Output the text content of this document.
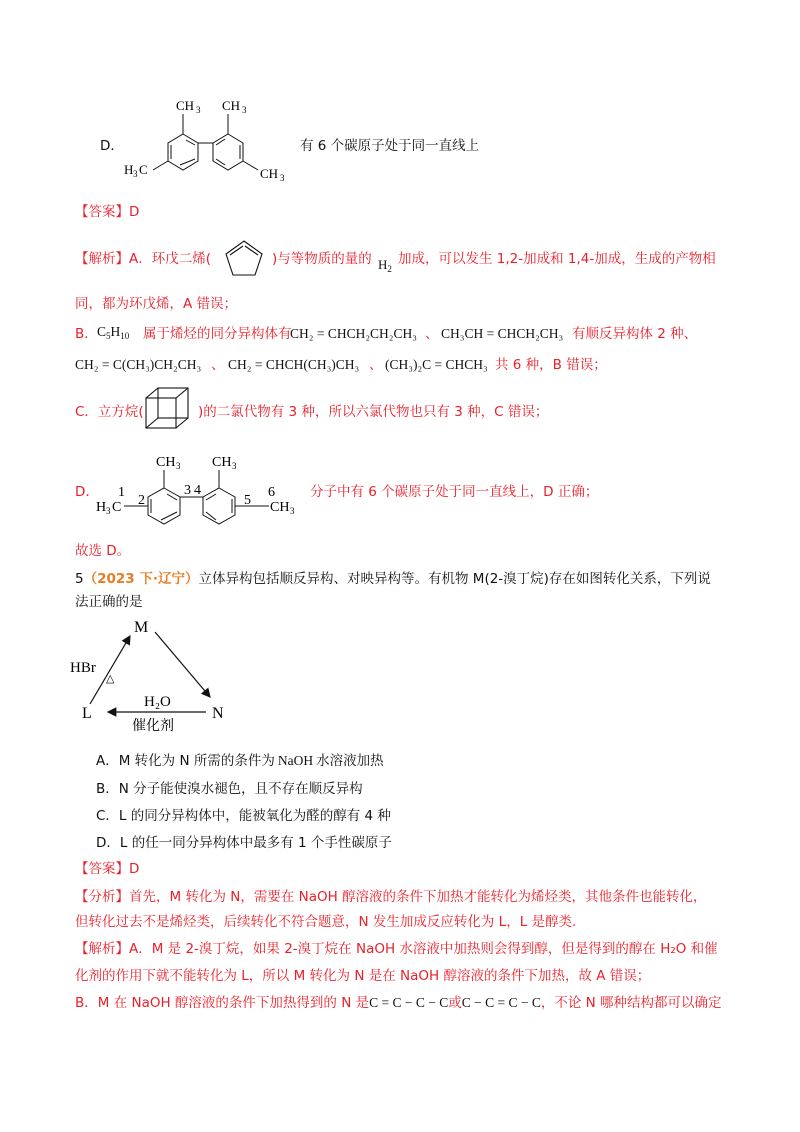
D．
CH 3 CH 3
H 3 C	CH 3
有 6 个碳原子处于同一直线上
【答案】D
【解析】A．环戊二烯(	)与等物质的量的 $H_2$
加成，可以发生 1,2-加成和 1,4-加成，生成的产物相
同，都为环戊烯，A 错误；
B． $C_5H_{10}$ 属于烯烃的同分异构体有
CH₂ = CHCH₂CH₂CH₃ 、 CH₃CH = CHCH₂CH₃ 有顺反异构体 2 种、
CH₂ = C(CH₃)CH₂CH₃ 、 CH₂ = CHCH(CH₃)CH₃ 、 (CH₃)₂C = CHCH₃ 共 6 种，B 错误；
C．立方烷(	)的二氯代物有 3 种，所以六氯代物也只有 3 种，C 错误；
D．
CH 3 CH 3
H 3 C	CH 3
1
2
3 4
5
6	分子中有 6 个碳原子处于同一直线上，D 正确；
故选 D。
5（2023 下·辽宁）立体异构包括顺反异构、对映异构等。有机物 M(2-溴丁烷)存在如图转化关系，下列说
法正确的是
M
N
L
HBr
△
H₂O
催化剂
A．M 转化为 N 所需的条件为 NaOH 水溶液加热
B．N 分子能使溴水褪色，且不存在顺反异构
C．L 的同分异构体中，能被氧化为醛的醇有 4 种
D．L 的任一同分异构体中最多有 1 个手性碳原子
【答案】D
【分析】首先，M 转化为 N，需要在 NaOH 醇溶液的条件下加热才能转化为烯烃类，其他条件也能转化，
但转化过去不是烯烃类，后续转化不符合题意，N 发生加成反应转化为 L，L 是醇类.
【解析】A．M 是 2-溴丁烷，如果 2-溴丁烷在 NaOH 水溶液中加热则会得到醇，但是得到的醇在 H₂O 和催
化剂的作用下就不能转化为 L，所以 M 转化为 N 是在 NaOH 醇溶液的条件下加热，故 A 错误；
B．M 在 NaOH 醇溶液的条件下加热得到的 N 是C = C − C − C或C − C = C − C，不论 N 哪种结构都可以确定
